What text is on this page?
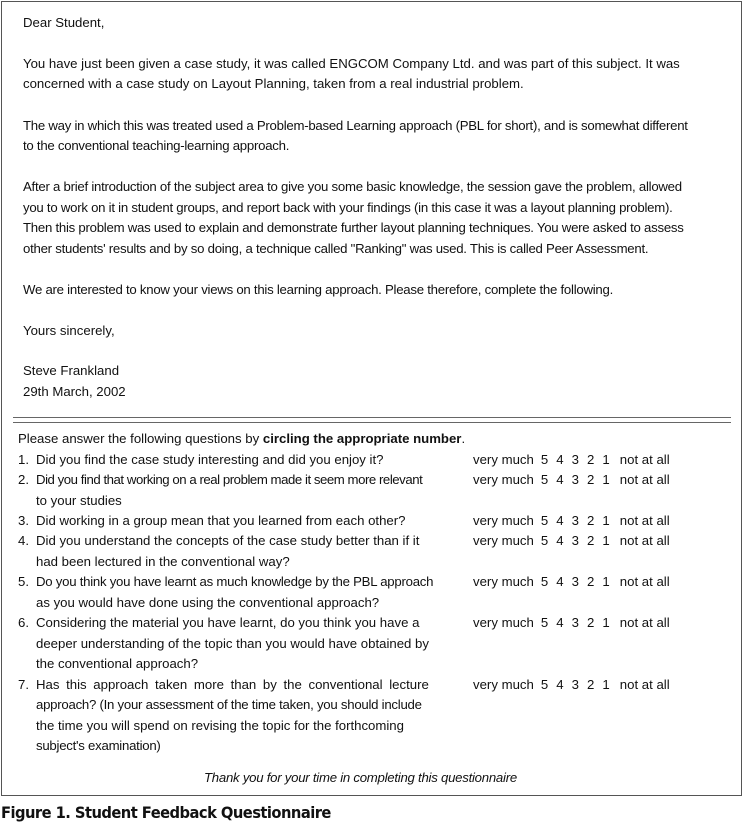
Dear Student,
You have just been given a case study, it was called ENGCOM Company Ltd. and was part of this subject. It was
concerned with a case study on Layout Planning, taken from a real industrial problem.
The way in which this was treated used a Problem-based Learning approach (PBL for short), and is somewhat different
to the conventional teaching-learning approach.
After a brief introduction of the subject area to give you some basic knowledge, the session gave the problem, allowed
you to work on it in student groups, and report back with your findings (in this case it was a layout planning problem).
Then this problem was used to explain and demonstrate further layout planning techniques. You were asked to assess
other students' results and by so doing, a technique called "Ranking" was used. This is called Peer Assessment.
We are interested to know your views on this learning approach. Please therefore, complete the following.
Yours sincerely,
Steve Frankland
29th March, 2002
Please answer the following questions by circling the appropriate number.
1. Did you find the case study interesting and did you enjoy it?
2. Did you find that working on a real problem made it seem more relevant
to your studies
3. Did working in a group mean that you learned from each other?
4. Did you understand the concepts of the case study better than if it
had been lectured in the conventional way?
5. Do you think you have learnt as much knowledge by the PBL approach
as you would have done using the conventional approach?
6. Considering the material you have learnt, do you think you have a
deeper understanding of the topic than you would have obtained by
the conventional approach?
7. Has this approach taken more than by the conventional lecture
approach? (In your assessment of the time taken, you should include
the time you will spend on revising the topic for the forthcoming
subject's examination)
very much 5 4 3 2 1 not at all
very much 5 4 3 2 1 not at all
very much 5 4 3 2 1 not at all
very much 5 4 3 2 1 not at all
very much 5 4 3 2 1 not at all
very much 5 4 3 2 1 not at all
very much 5 4 3 2 1 not at all
Thank you for your time in completing this questionnaire
Figure 1. Student Feedback Questionnaire
